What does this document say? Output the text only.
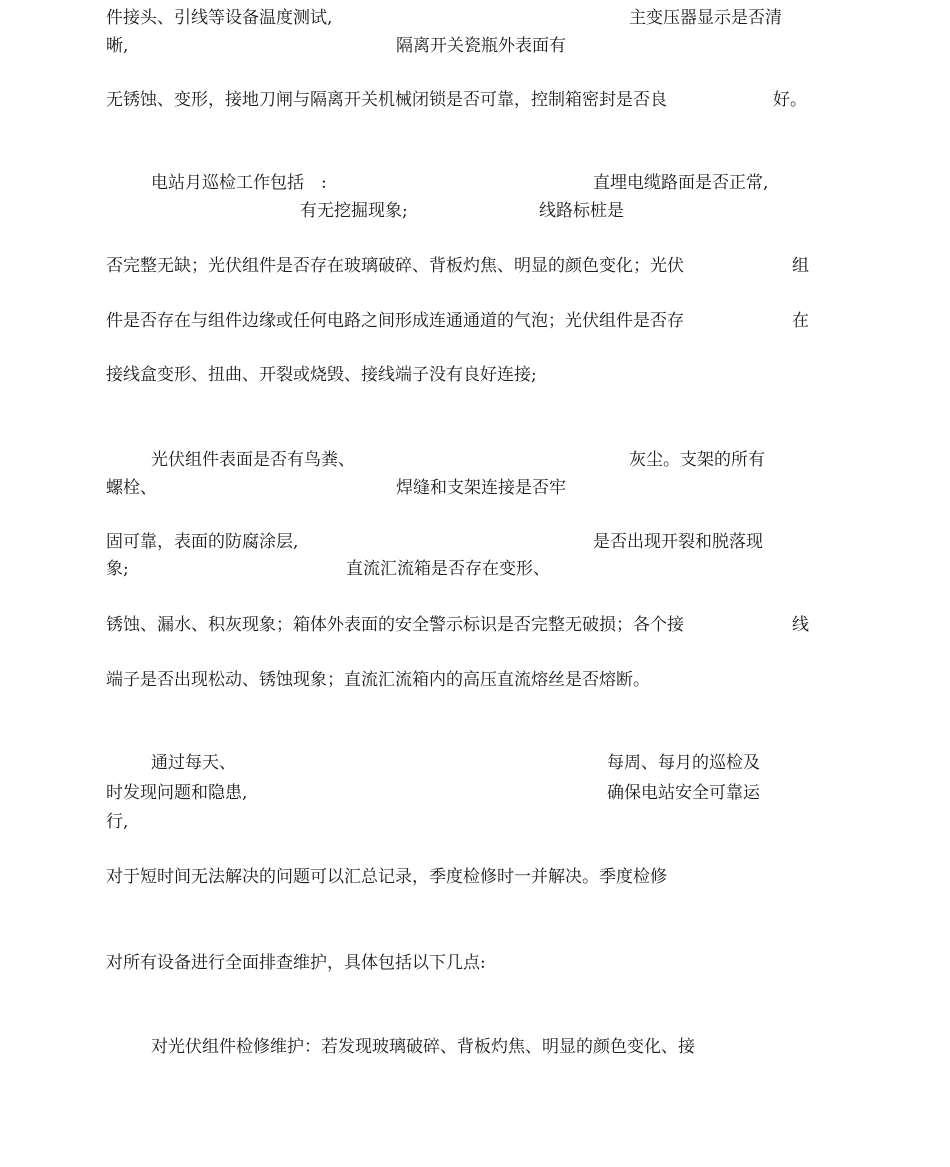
件接头、引线等设备温度测试,	主变压器显示是否清
晰,	隔离开关瓷瓶外表面有
无锈蚀、变形，接地刀闸与隔离开关机械闭锁是否可靠，控制箱密封是否良	好。
电站月巡检工作包括　:	直埋电缆路面是否正常,
有无挖掘现象;	线路标桩是
否完整无缺；光伏组件是否存在玻璃破碎、背板灼焦、明显的颜色变化；光伏	组
件是否存在与组件边缘或任何电路之间形成连通通道的气泡；光伏组件是否存	在
接线盒变形、扭曲、开裂或烧毁、接线端子没有良好连接;
光伏组件表面是否有鸟粪、	灰尘。支架的所有
螺栓、	焊缝和支架连接是否牢
固可靠，表面的防腐涂层,	是否出现开裂和脱落现
象;	直流汇流箱是否存在变形、
锈蚀、漏水、积灰现象；箱体外表面的安全警示标识是否完整无破损；各个接	线
端子是否出现松动、锈蚀现象；直流汇流箱内的高压直流熔丝是否熔断。
通过每天、	每周、每月的巡检及
时发现问题和隐患,	确保电站安全可靠运
行,
对于短时间无法解决的问题可以汇总记录，季度检修时一并解决。季度检修
对所有设备进行全面排查维护，具体包括以下几点:
对光伏组件检修维护：若发现玻璃破碎、背板灼焦、明显的颜色变化、接
